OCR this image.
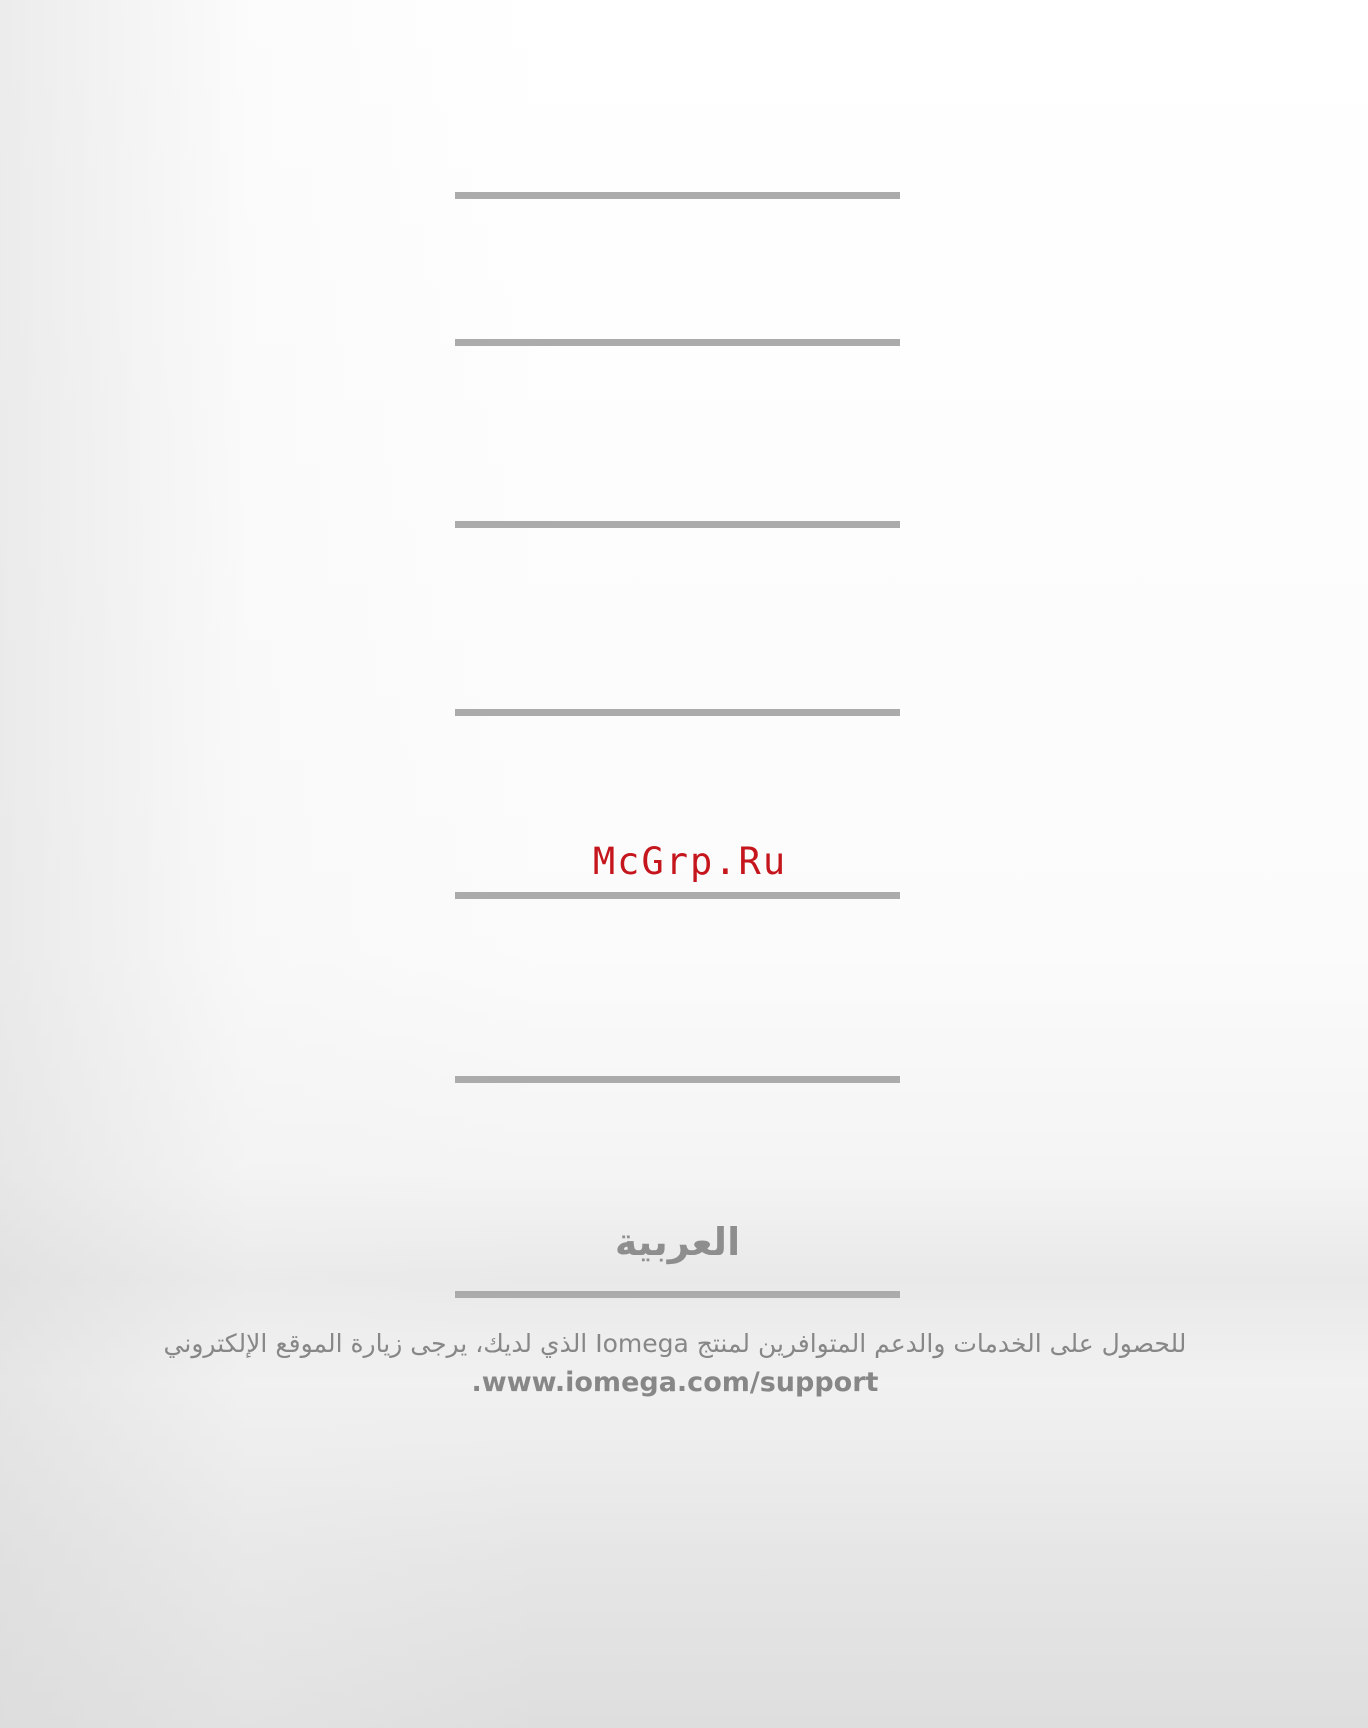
McGrp.Ru
العربية
للحصول على الخدمات والدعم المتوافرين لمنتج Iomega الذي لديك، يرجى زيارة الموقع الإلكتروني
.www.iomega.com/support
